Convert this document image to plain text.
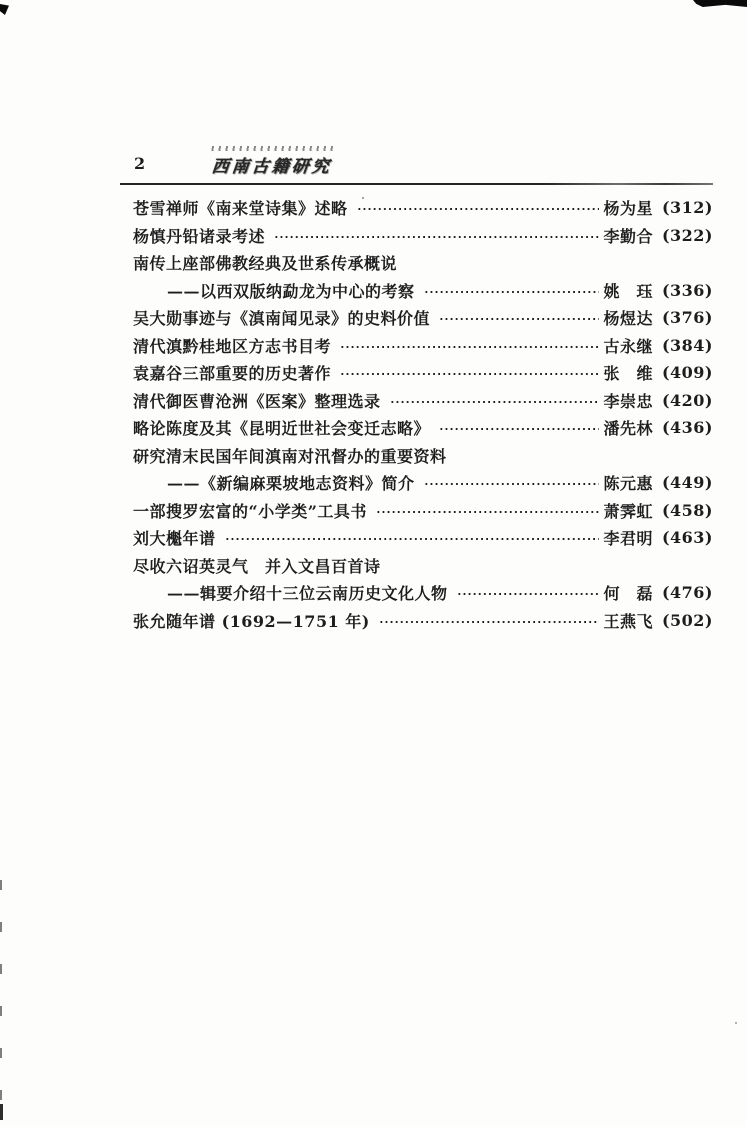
2	西南古籍研究
苍雪禅师《南来堂诗集》述略	杨为星 (312)
杨慎丹铅诸录考述	李勤合 (322)
南传上座部佛教经典及世系传承概说
——以西双版纳勐龙为中心的考察	姚　珏 (336)
吴大勋事迹与《滇南闻见录》的史料价值	杨煜达 (376)
清代滇黔桂地区方志书目考	古永继 (384)
袁嘉谷三部重要的历史著作	张　维 (409)
清代御医曹沧洲《医案》整理选录	李崇忠 (420)
略论陈度及其《昆明近世社会变迁志略》	潘先林 (436)
研究清末民国年间滇南对汛督办的重要资料
——《新编麻栗坡地志资料》简介	陈元惠 (449)
一部搜罗宏富的“小学类”工具书	萧霁虹 (458)
刘大櫆年谱	李君明 (463)
尽收六诏英灵气　并入文昌百首诗
——辑要介绍十三位云南历史文化人物	何　磊 (476)
张允随年谱 (1692—1751 年)	王燕飞 (502)
